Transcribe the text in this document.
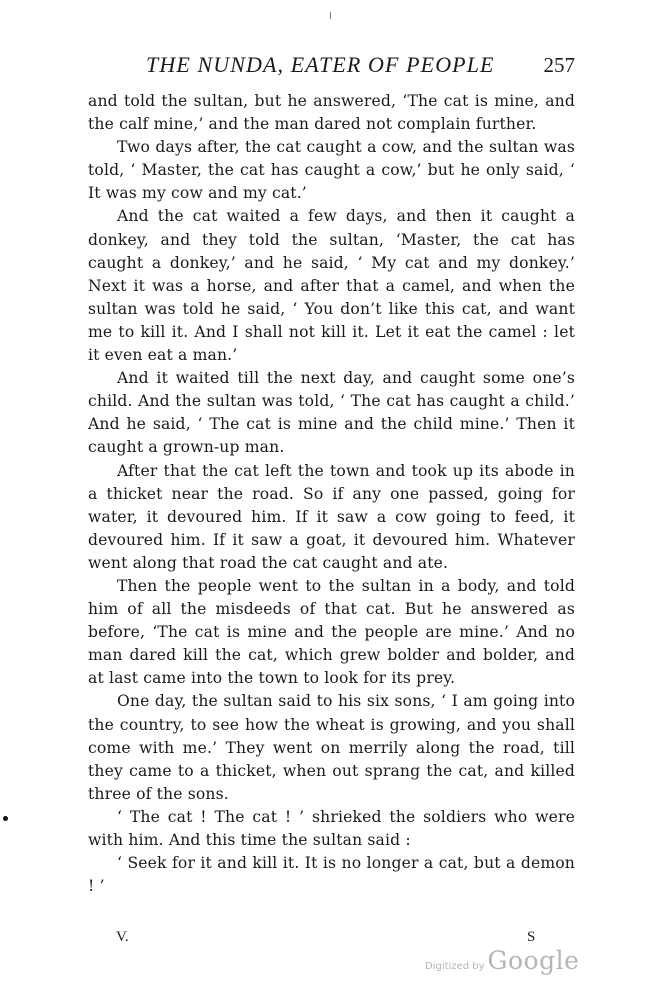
THE NUNDA, EATER OF PEOPLE 257

and told the sultan, but he answered, ‘The cat is mine, and the calf mine,’ and the man dared not complain further.

Two days after, the cat caught a cow, and the sultan was told, ‘ Master, the cat has caught a cow,’ but he only said, ‘ It was my cow and my cat.’

And the cat waited a few days, and then it caught a donkey, and they told the sultan, ‘Master, the cat has caught a donkey,’ and he said, ‘ My cat and my donkey.’ Next it was a horse, and after that a camel, and when the sultan was told he said, ‘ You don’t like this cat, and want me to kill it. And I shall not kill it. Let it eat the camel : let it even eat a man.’

And it waited till the next day, and caught some one’s child. And the sultan was told, ‘ The cat has caught a child.’ And he said, ‘ The cat is mine and the child mine.’ Then it caught a grown-up man.

After that the cat left the town and took up its abode in a thicket near the road. So if any one passed, going for water, it devoured him. If it saw a cow going to feed, it devoured him. If it saw a goat, it devoured him. Whatever went along that road the cat caught and ate.

Then the people went to the sultan in a body, and told him of all the misdeeds of that cat. But he answered as before, ‘The cat is mine and the people are mine.’ And no man dared kill the cat, which grew bolder and bolder, and at last came into the town to look for its prey.

One day, the sultan said to his six sons, ‘ I am going into the country, to see how the wheat is growing, and you shall come with me.’ They went on merrily along the road, till they came to a thicket, when out sprang the cat, and killed three of the sons.

‘ The cat ! The cat ! ’ shrieked the soldiers who were with him. And this time the sultan said :

‘ Seek for it and kill it. It is no longer a cat, but a demon ! ’

V.	S
Digitized by Google
